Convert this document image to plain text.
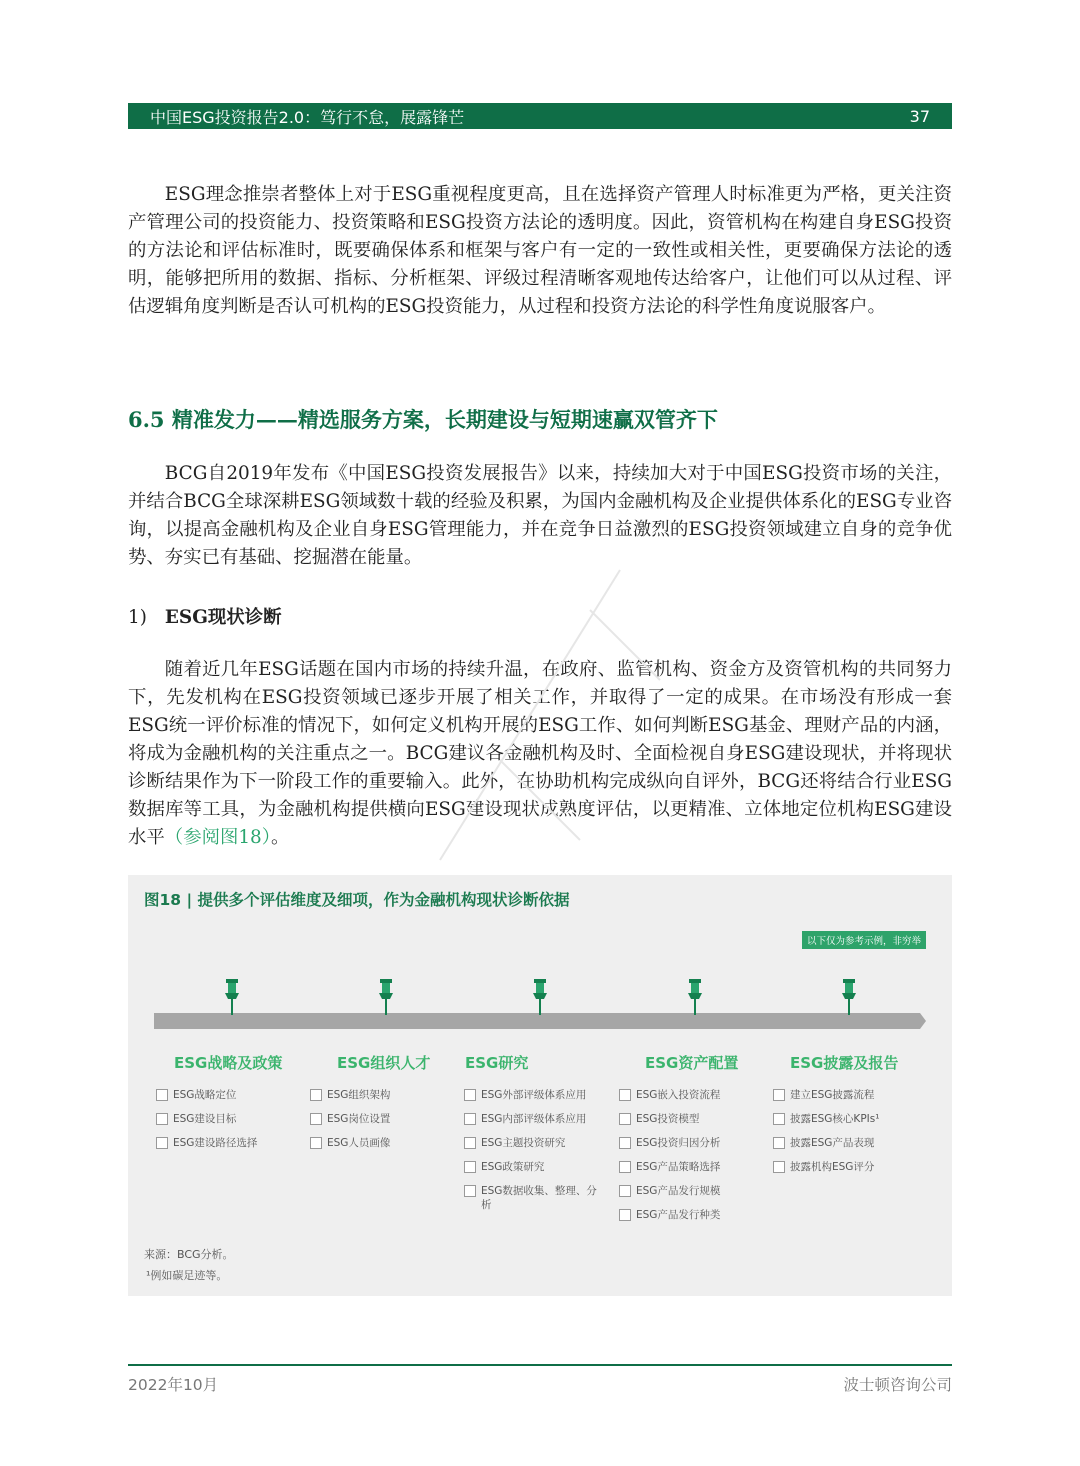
中国ESG投资报告2.0：笃行不怠，展露锋芒	37

ESG理念推崇者整体上对于ESG重视程度更高，且在选择资产管理人时标准更为严格，更关注资产管理公司的投资能力、投资策略和ESG投资方法论的透明度。因此，资管机构在构建自身ESG投资的方法论和评估标准时，既要确保体系和框架与客户有一定的一致性或相关性，更要确保方法论的透明，能够把所用的数据、指标、分析框架、评级过程清晰客观地传达给客户，让他们可以从过程、评估逻辑角度判断是否认可机构的ESG投资能力，从过程和投资方法论的科学性角度说服客户。

6.5 精准发力——精选服务方案，长期建设与短期速赢双管齐下

BCG自2019年发布《中国ESG投资发展报告》以来，持续加大对于中国ESG投资市场的关注，并结合BCG全球深耕ESG领域数十载的经验及积累，为国内金融机构及企业提供体系化的ESG专业咨询，以提高金融机构及企业自身ESG管理能力，并在竞争日益激烈的ESG投资领域建立自身的竞争优势、夯实已有基础、挖掘潜在能量。

1) ESG现状诊断

随着近几年ESG话题在国内市场的持续升温，在政府、监管机构、资金方及资管机构的共同努力下，先发机构在ESG投资领域已逐步开展了相关工作，并取得了一定的成果。在市场没有形成一套ESG统一评价标准的情况下，如何定义机构开展的ESG工作、如何判断ESG基金、理财产品的内涵，将成为金融机构的关注重点之一。BCG建议各金融机构及时、全面检视自身ESG建设现状，并将现状诊断结果作为下一阶段工作的重要输入。此外，在协助机构完成纵向自评外，BCG还将结合行业ESG数据库等工具，为金融机构提供横向ESG建设现状成熟度评估，以更精准、立体地定位机构ESG建设水平（参阅图18）。

图18 | 提供多个评估维度及细项，作为金融机构现状诊断依据
以下仅为参考示例，非穷举
ESG战略及政策
ESG战略定位
ESG建设目标
ESG建设路径选择
ESG组织人才
ESG组织架构
ESG岗位设置
ESG人员画像
ESG研究
ESG外部评级体系应用
ESG内部评级体系应用
ESG主题投资研究
ESG政策研究
ESG数据收集、整理、分析
ESG资产配置
ESG嵌入投资流程
ESG投资模型
ESG投资归因分析
ESG产品策略选择
ESG产品发行规模
ESG产品发行种类
ESG披露及报告
建立ESG披露流程
披露ESG核心KPIs¹
披露ESG产品表现
披露机构ESG评分
来源：BCG分析。
¹例如碳足迹等。
2022年10月	波士顿咨询公司
